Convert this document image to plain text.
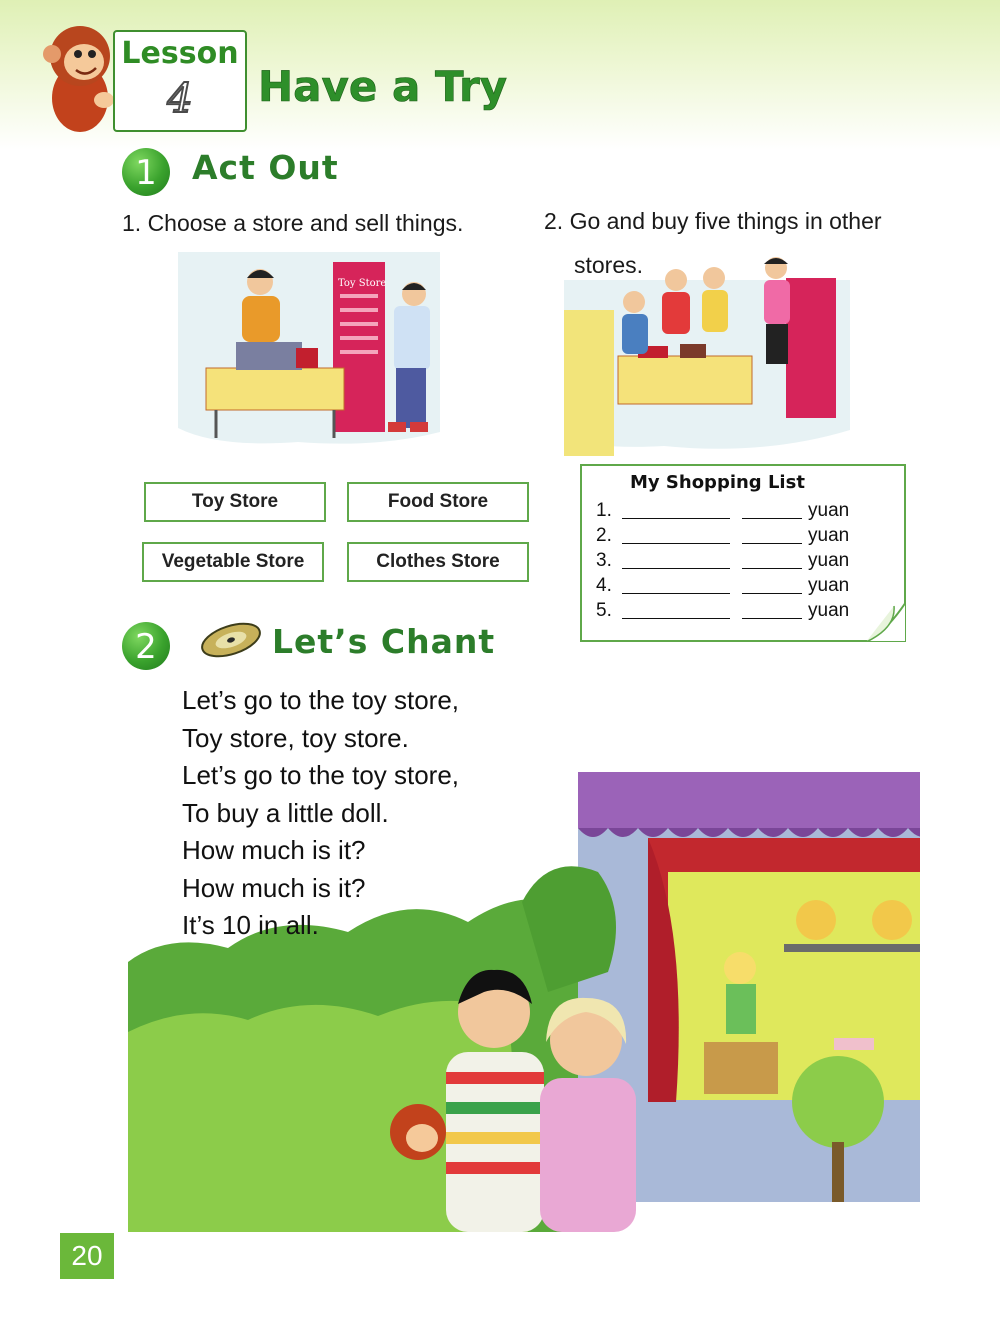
Lesson
4	Have a Try
1	Act Out
1. Choose a store and sell things.	2. Go and buy five things in other
stores.
Toy Store
Toy Store	Food Store
Vegetable Store	Clothes Store
My Shopping List
1.	yuan
2.	yuan
3.	yuan
4.	yuan
5.	yuan
2	Let’s Chant
Let’s go to the toy store,
Toy store, toy store.
Let’s go to the toy store,
To buy a little doll.
How much is it?
How much is it?
It’s 10 in all.
20
